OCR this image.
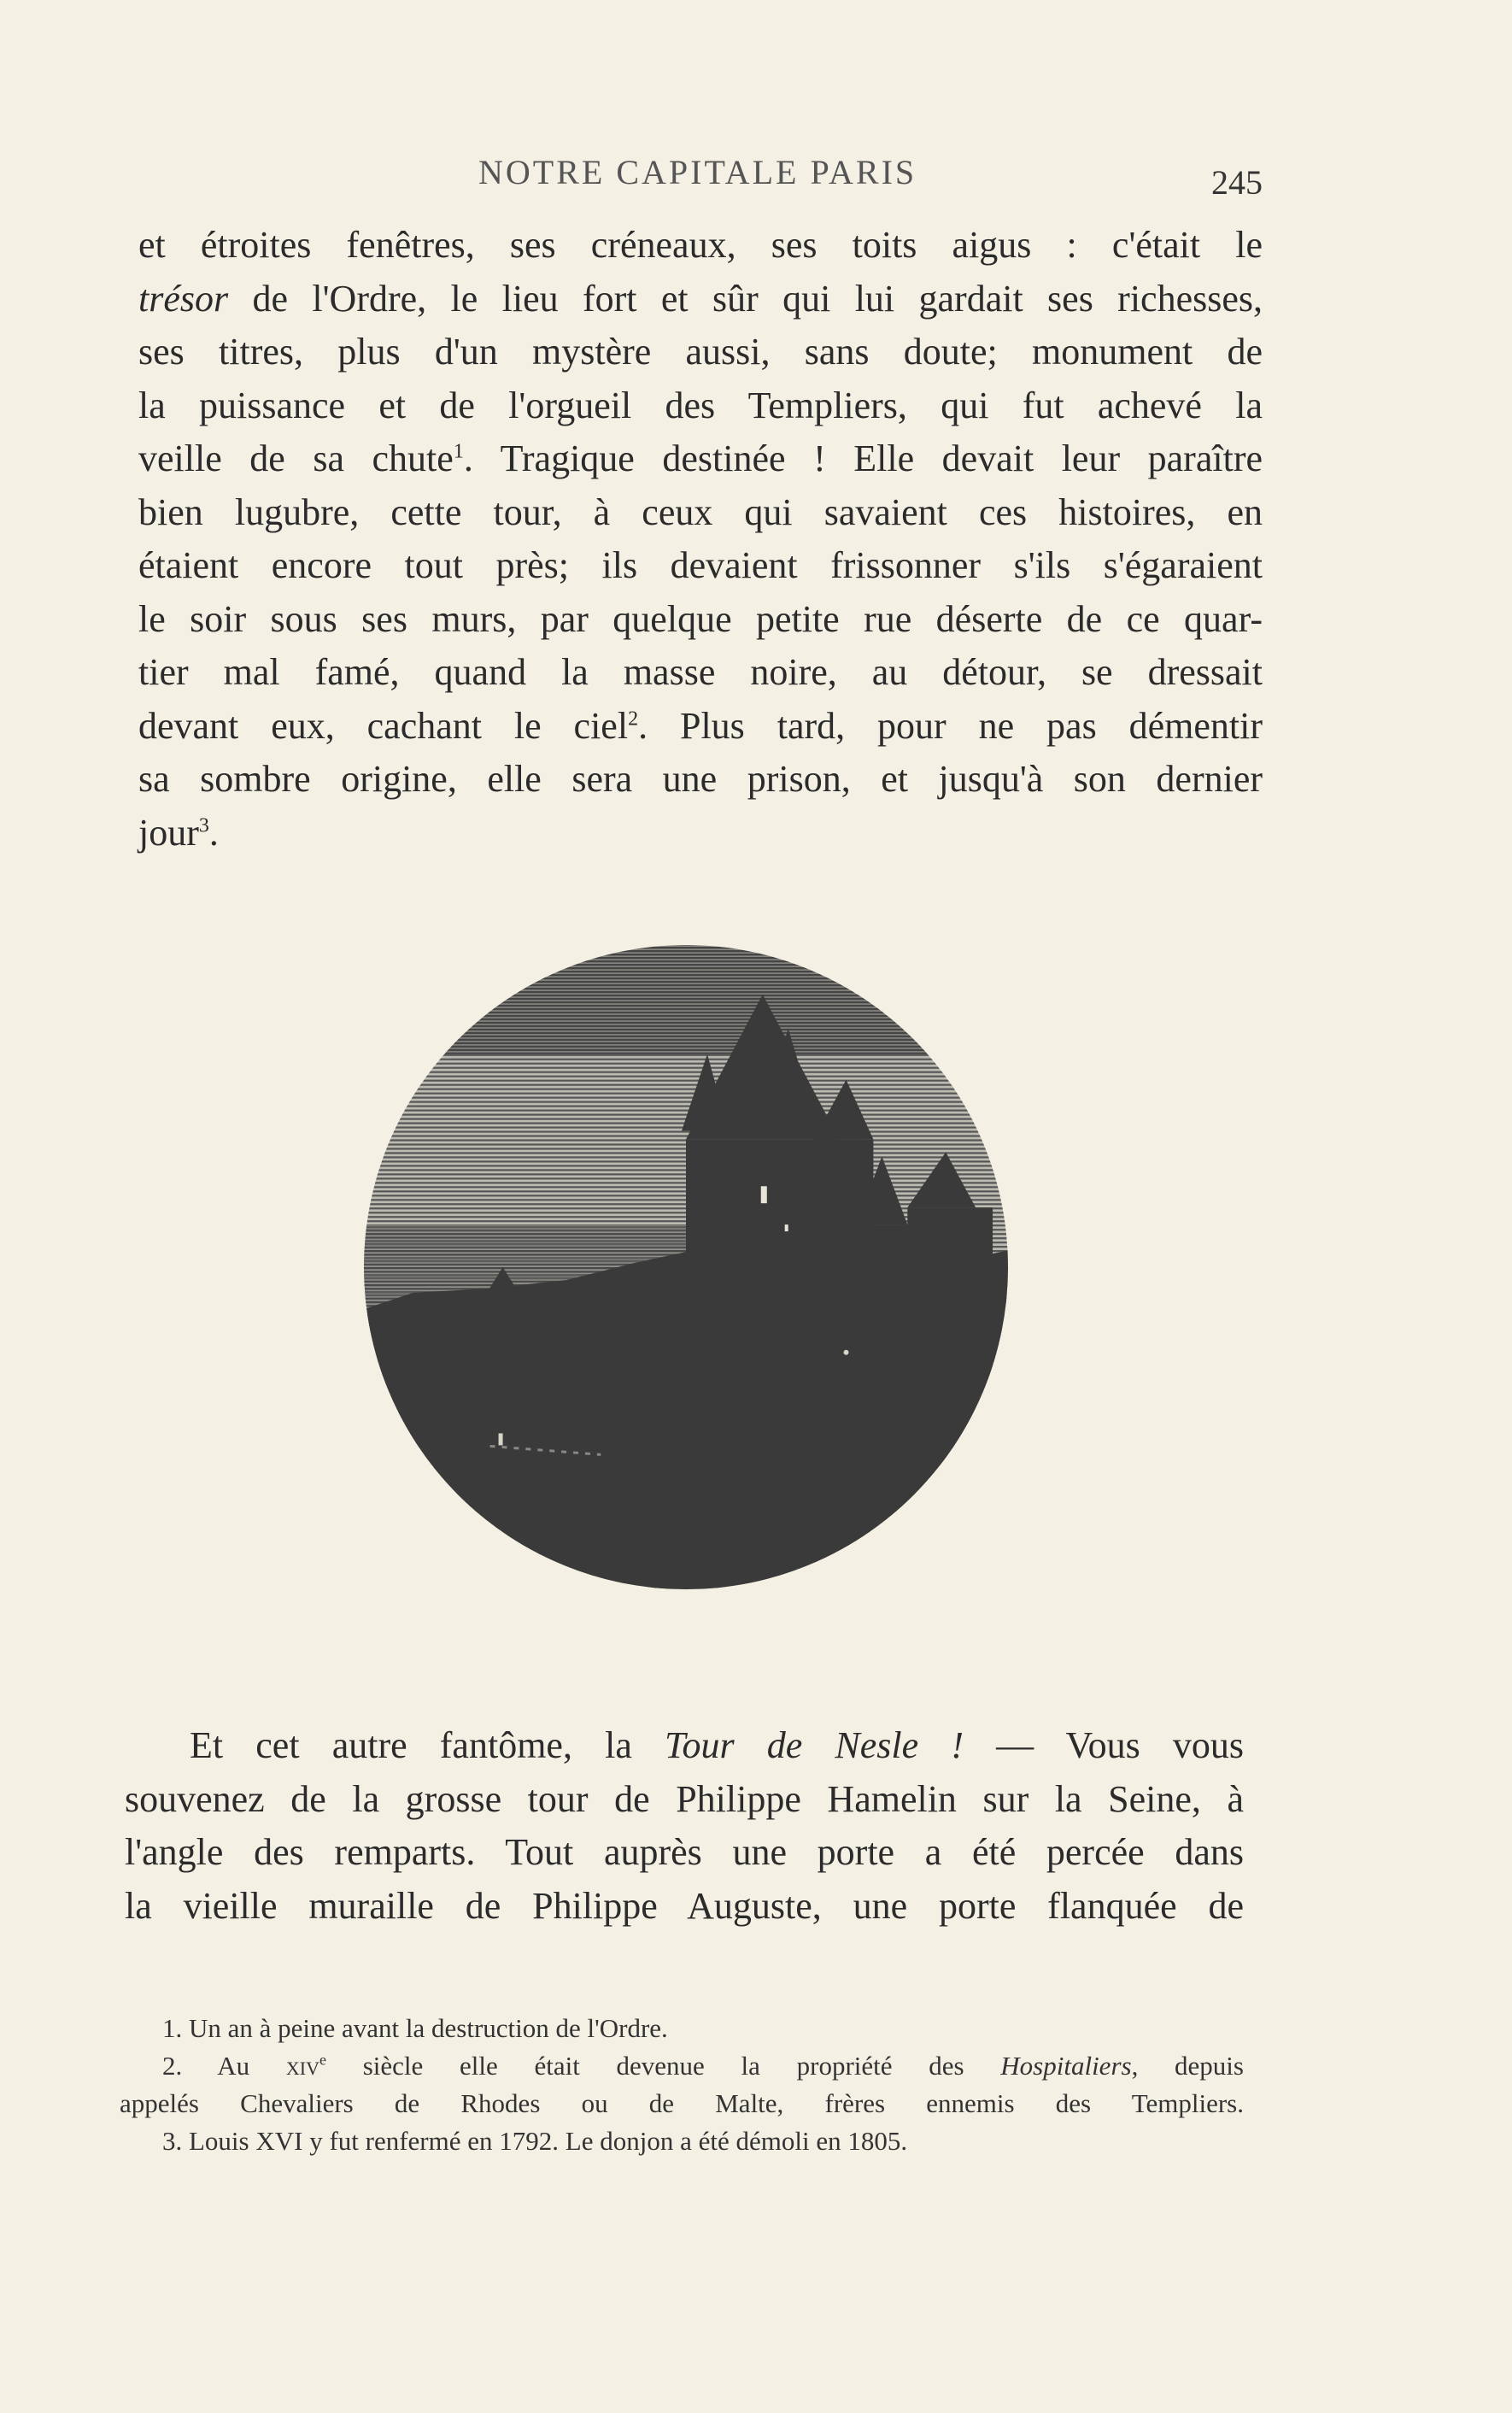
NOTRE CAPITALE PARIS	245
et étroites fenêtres, ses créneaux, ses toits aigus : c'était le
trésor de l'Ordre, le lieu fort et sûr qui lui gardait ses richesses,
ses titres, plus d'un mystère aussi, sans doute; monument de
la puissance et de l'orgueil des Templiers, qui fut achevé la
veille de sa chute$^1$. Tragique destinée ! Elle devait leur paraître
bien lugubre, cette tour, à ceux qui savaient ces histoires, en
étaient encore tout près; ils devaient frissonner s'ils s'égaraient
le soir sous ses murs, par quelque petite rue déserte de ce quar-
tier mal famé, quand la masse noire, au détour, se dressait
devant eux, cachant le ciel$^2$. Plus tard, pour ne pas démentir
sa sombre origine, elle sera une prison, et jusqu'à son dernier
jour$^3$.
Et cet autre fantôme, la Tour de Nesle ! — Vous vous
souvenez de la grosse tour de Philippe Hamelin sur la Seine, à
l'angle des remparts. Tout auprès une porte a été percée dans
la vieille muraille de Philippe Auguste, une porte flanquée de
1. Un an à peine avant la destruction de l'Ordre.
2. Au xiv$^e$ siècle elle était devenue la propriété des Hospitaliers, depuis
appelés Chevaliers de Rhodes ou de Malte, frères ennemis des Templiers.
3. Louis XVI y fut renfermé en 1792. Le donjon a été démoli en 1805.
